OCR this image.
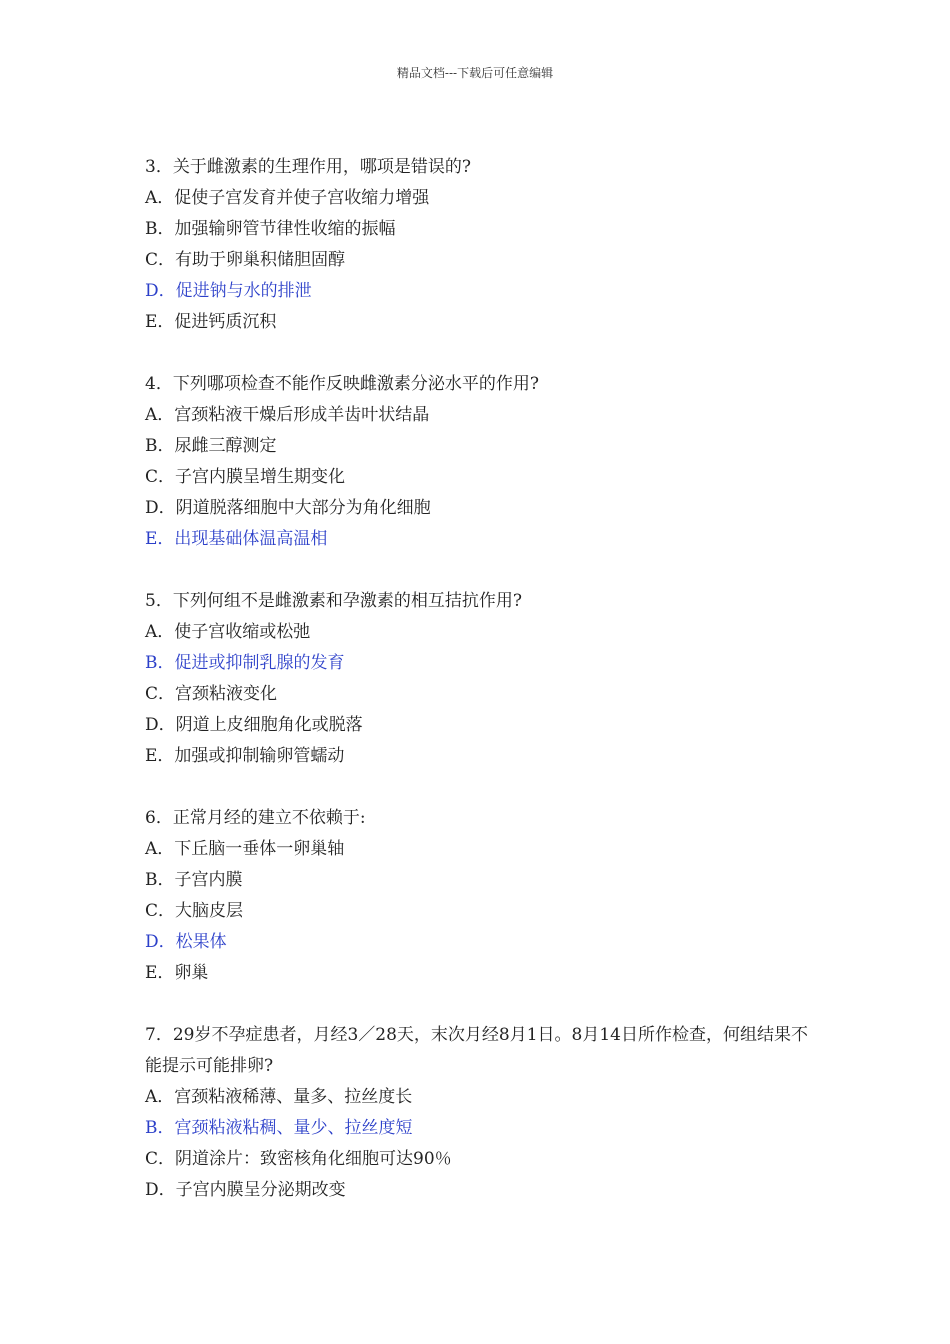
精品文档---下载后可任意编辑
3．关于雌激素的生理作用，哪项是错误的?
A．促使子宫发育并使子宫收缩力增强
B．加强输卵管节律性收缩的振幅
C．有助于卵巢积储胆固醇
D．促进钠与水的排泄
E．促进钙质沉积
4．下列哪项检查不能作反映雌激素分泌水平的作用?
A．宫颈粘液干燥后形成羊齿叶状结晶
B．尿雌三醇测定
C．子宫内膜呈增生期变化
D．阴道脱落细胞中大部分为角化细胞
E．出现基础体温高温相
5．下列何组不是雌激素和孕激素的相互拮抗作用?
A．使子宫收缩或松弛
B．促进或抑制乳腺的发育
C．宫颈粘液变化
D．阴道上皮细胞角化或脱落
E．加强或抑制输卵管蠕动
6．正常月经的建立不依赖于:
A．下丘脑一垂体一卵巢轴
B．子宫内膜
C．大脑皮层
D．松果体
E．卵巢
7．29岁不孕症患者，月经3／28天，末次月经8月1日。8月14日所作检查，何组结果不能提示可能排卵?
A．宫颈粘液稀薄、量多、拉丝度长
B．宫颈粘液粘稠、量少、拉丝度短
C．阴道涂片：致密核角化细胞可达90％
D．子宫内膜呈分泌期改变
